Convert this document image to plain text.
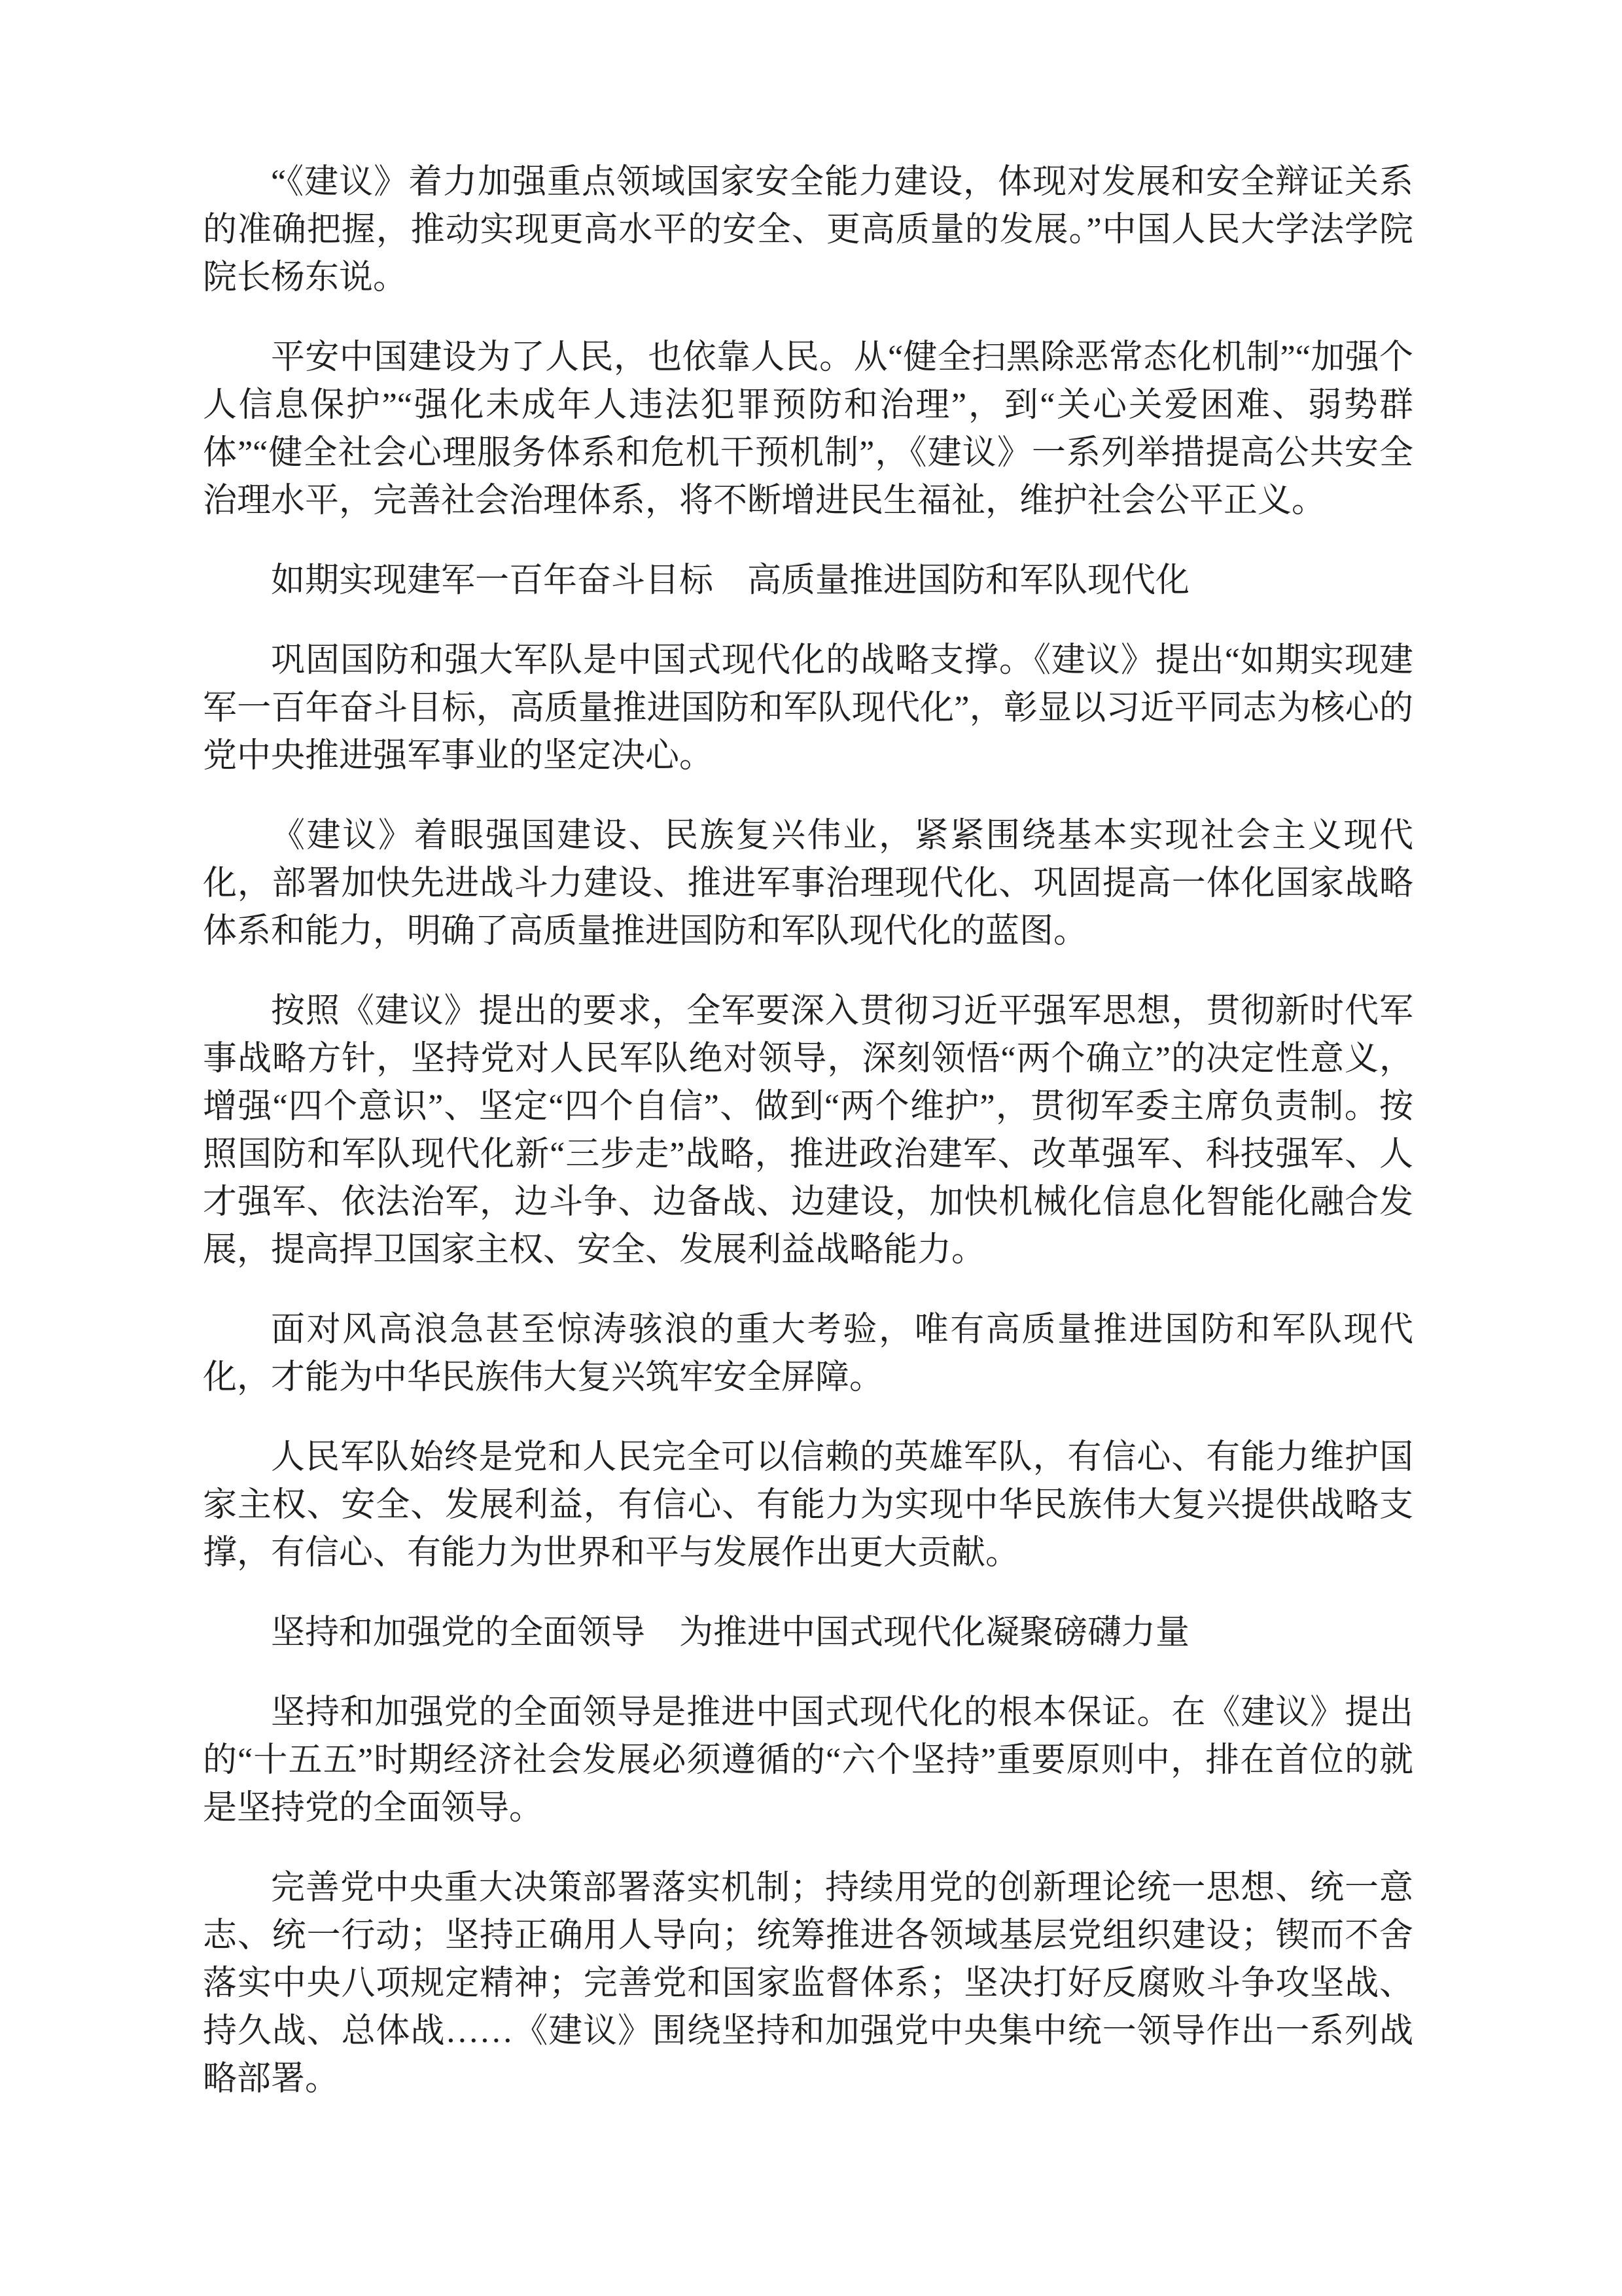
“《建议》着力加强重点领域国家安全能力建设，体现对发展和安全辩证关系的准确把握，推动实现更高水平的安全、更高质量的发展。”中国人民大学法学院院长杨东说。

平安中国建设为了人民，也依靠人民。从“健全扫黑除恶常态化机制”“加强个人信息保护”“强化未成年人违法犯罪预防和治理”，到“关心关爱困难、弱势群体”“健全社会心理服务体系和危机干预机制”，《建议》一系列举措提高公共安全治理水平，完善社会治理体系，将不断增进民生福祉，维护社会公平正义。

如期实现建军一百年奋斗目标　高质量推进国防和军队现代化

巩固国防和强大军队是中国式现代化的战略支撑。《建议》提出“如期实现建军一百年奋斗目标，高质量推进国防和军队现代化”，彰显以习近平同志为核心的党中央推进强军事业的坚定决心。

《建议》着眼强国建设、民族复兴伟业，紧紧围绕基本实现社会主义现代化，部署加快先进战斗力建设、推进军事治理现代化、巩固提高一体化国家战略体系和能力，明确了高质量推进国防和军队现代化的蓝图。

按照《建议》提出的要求，全军要深入贯彻习近平强军思想，贯彻新时代军事战略方针，坚持党对人民军队绝对领导，深刻领悟“两个确立”的决定性意义，增强“四个意识”、坚定“四个自信”、做到“两个维护”，贯彻军委主席负责制。按照国防和军队现代化新“三步走”战略，推进政治建军、改革强军、科技强军、人才强军、依法治军，边斗争、边备战、边建设，加快机械化信息化智能化融合发展，提高捍卫国家主权、安全、发展利益战略能力。

面对风高浪急甚至惊涛骇浪的重大考验，唯有高质量推进国防和军队现代化，才能为中华民族伟大复兴筑牢安全屏障。

人民军队始终是党和人民完全可以信赖的英雄军队，有信心、有能力维护国家主权、安全、发展利益，有信心、有能力为实现中华民族伟大复兴提供战略支撑，有信心、有能力为世界和平与发展作出更大贡献。

坚持和加强党的全面领导　为推进中国式现代化凝聚磅礴力量

坚持和加强党的全面领导是推进中国式现代化的根本保证。在《建议》提出的“十五五”时期经济社会发展必须遵循的“六个坚持”重要原则中，排在首位的就是坚持党的全面领导。

完善党中央重大决策部署落实机制；持续用党的创新理论统一思想、统一意志、统一行动；坚持正确用人导向；统筹推进各领域基层党组织建设；锲而不舍落实中央八项规定精神；完善党和国家监督体系；坚决打好反腐败斗争攻坚战、持久战、总体战……《建议》围绕坚持和加强党中央集中统一领导作出一系列战略部署。
